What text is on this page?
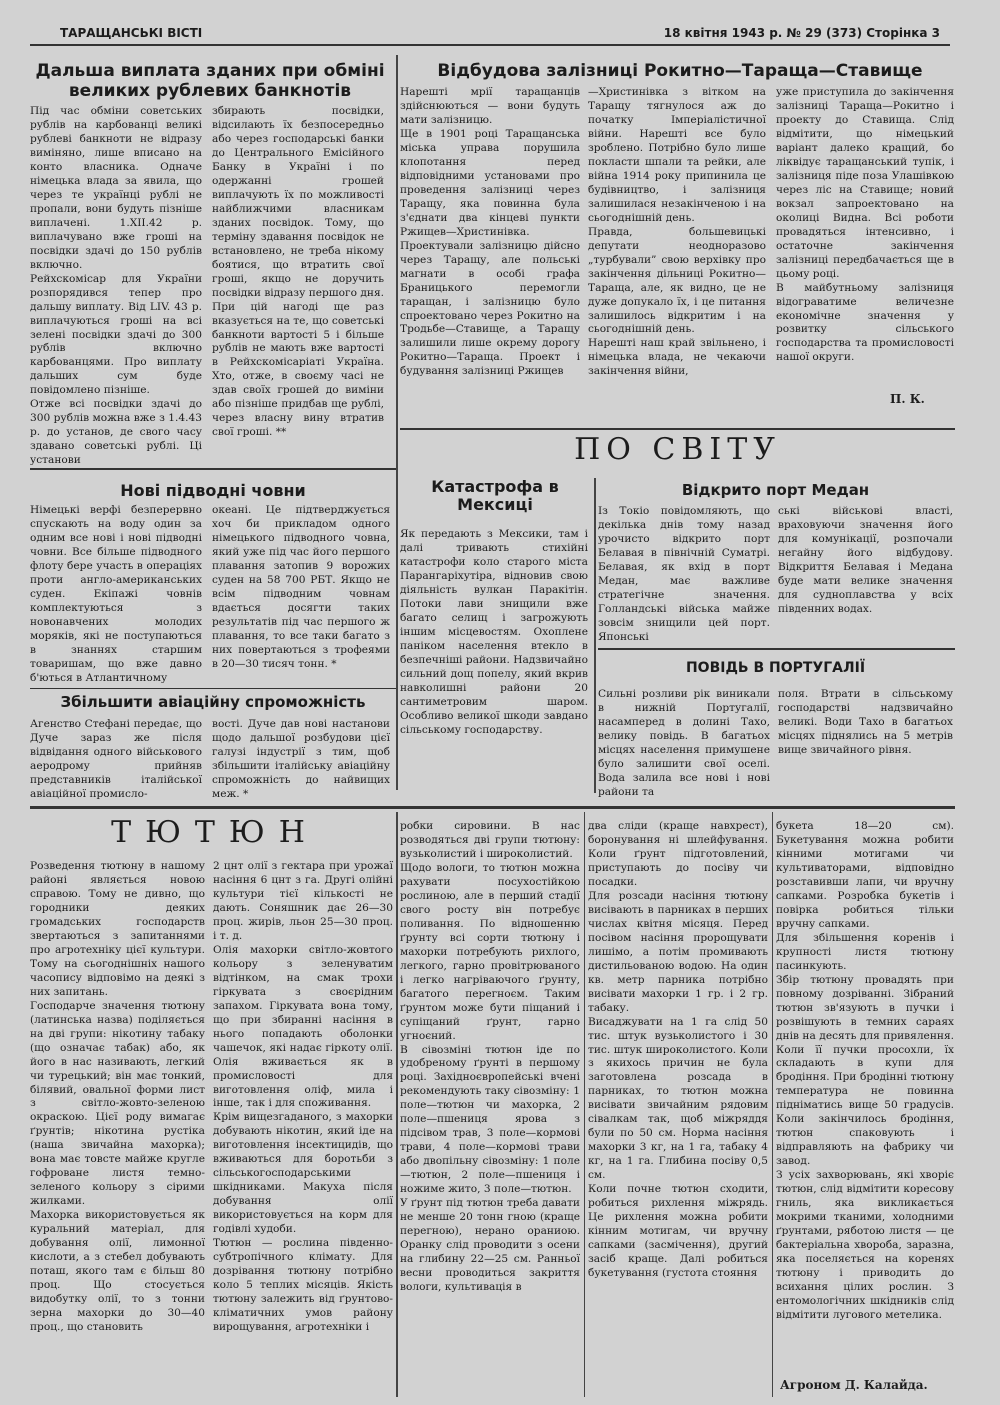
ТАРАЩАНСЬКІ ВІСТІ	18 квітня 1943 р. № 29 (373) Сторінка 3
Дальша виплата зданих при обміні великих рублевих банкнотів
Під час обміни советських рублів на карбованці великі рублеві банкноти не відразу виміняно, лише вписано на конто власника. Одначе німецька влада за явила, що через те українці рублі не пропали, вони будуть пізніше виплачені. 1.XII.42 р. виплачувано вже гроші на посвідки здачі до 150 рублів включно.
Рейхскомісар для України розпорядився тепер про дальшу виплату. Від LIV. 43 р. виплачуються гроші на всі зелені посвідки здачі до 300 рублів включно карбованцями. Про виплату дальших сум буде повідомлено пізніше.
Отже всі посвідки здачі до 300 рублів можна вже з 1.4.43 р. до установ, де свого часу здавано советські рублі. Ці установи
збирають посвідки, відсилають їх безпосередньо або через господарські банки до Центрального Емісійного Банку в Україні і по одержанні грошей виплачують їх по можливості найближчими власникам зданих посвідок. Тому, що терміну здавання посвідок не встановлено, не треба нікому боятися, що втратить свої гроші, якщо не доручить посвідки відразу першого дня. При цій нагоді ще раз вказується на те, що советські банкноти вартості 5 і більше рублів не мають вже вартості в Рейхскомісаріаті Україна. Хто, отже, в своєму часі не здав своїх грошей до виміни або пізніше придбав ще рублі, через власну вину втратив свої гроші. **
Відбудова залізниці Рокитно—Тараща—Ставище
Нарешті мрії таращанців здійснюються — вони будуть мати залізницю.
Ще в 1901 році Таращанська міська управа порушила клопотання перед відповідними установами про проведення залізниці через Таращу, яка повинна була з'єднати два кінцеві пункти Ржищев—Христинівка. Проектували залізницю дійсно через Таращу, але польські магнати в особі графа Браницького перемогли таращан, і залізницю було спроектовано через Рокитно на Тродьбе—Ставище, а Таращу залишили лише окрему дорогу Рокитно—Тараща. Проект і будування залізниці Ржищев
—Христинівка з вітком на Таращу тягнулося аж до початку Імперіалістичної війни. Нарешті все було зроблено. Потрібно було лише покласти шпали та рейки, але війна 1914 року припинила це будівництво, і залізниця залишилася незакінченою і на сьогоднішній день.
Правда, большевицькі депутати неодноразово „турбували” свою верхівку про закінчення дільниці Рокитно—Тараща, але, як видно, це не дуже допукало їх, і це питання залишилось відкритим і на сьогоднішній день.
Нарешті наш край звільнено, і німецька влада, не чекаючи закінчення війни,
уже приступила до закінчення залізниці Тараща—Рокитно і проекту до Ставища. Слід відмітити, що німецький варіант далеко кращий, бо ліквідує таращанський тупік, і залізниця піде поза Улашівкою через ліс на Ставище; новий вокзал запроектовано на околиці Видна. Всі роботи провадяться інтенсивно, і остаточне закінчення залізниці передбачається ще в цьому році.
В майбутньому залізниця відограватиме величезне економічне значення у розвитку сільського господарства та промисловості нашої округи.
П. К.
ПО СВІТУ
Катастрофа в Мексиці
Як передають з Мексики, там і далі тривають стихійні катастрофи коло старого міста Парангаріхутіра, відновив свою діяльність вулкан Паракітін. Потоки лави знищили вже багато селищ і загрожують іншим місцевостям. Охоплене паніком населення втекло в безпечніші райони. Надзвичайно сильний дощ попелу, який вкрив навколишні райони 20 сантиметровим шаром. Особливо великої шкоди завдано сільському господарству.
Відкрито порт Медан
Із Токіо повідомляють, що декілька днів тому назад урочисто відкрито порт Белавая в північній Суматрі. Белавая, як вхід в порт Медан, має важливе стратегічне значення. Голландські війська майже зовсім знищили цей порт. Японські
ські військові власті, враховуючи значення його для комунікації, розпочали негайну його відбудову. Відкриття Белавая і Медана буде мати велике значення для судноплавства у всіх південних водах.
ПОВІДЬ В ПОРТУГАЛІЇ
Сильні розливи рік виникали в нижній Португалії, насамперед в долині Тахо, велику повідь. В багатьох місцях населення примушене було залишити свої оселі. Вода залила все нові і нові райони та
поля. Втрати в сільському господарстві надзвичайно великі. Води Тахо в багатьох місцях піднялись на 5 метрів вище звичайного рівня.
Нові підводні човни
Німецькі верфі безперервно спускають на воду один за одним все нові і нові підводні човни. Все більше підводного флоту бере участь в операціях проти англо-американських суден. Екіпажі човнів комплектуються з новонавчених молодих моряків, які не поступаються в знаннях старшим товаришам, що вже давно б'ються в Атлантичному
океані. Це підтверджується хоч би прикладом одного німецького підводного човна, який уже під час його першого плавання затопив 9 ворожих суден на 58 700 РБТ. Якщо не всім підводним човнам вдається досягти таких результатів під час першого ж плавання, то все таки багато з них повертаються з трофеями в 20—30 тисяч тонн. *
Збільшити авіаційну спроможність
Агенство Стефані передає, що Дуче зараз же після відвідання одного військового аеродрому прийняв представників італійської авіаційної промисло-
вості. Дуче дав нові настанови щодо дальшої розбудови цієї галузі індустрії з тим, щоб збільшити італійську авіаційну спроможність до найвищих меж. *
ТЮТЮН
Розведення тютюну в нашому районі являється новою справою. Тому не дивно, що городники деяких громадських господарств звертаються з запитаннями про агротехніку цієї культури. Тому на сьогоднішніх нашого часопису відповімо на деякі з них запитань.
Господарче значення тютюну (латинська назва) поділяється на дві групи: нікотину табаку (що означає табак) або, як його в нас називають, легкий чи турецький; він має тонкий, білявий, овальної форми лист з світло-жовто-зеленою окраскою. Цієї роду вимагає ґрунтів; нікотина рустіка (наша звичайна махорка); вона має товсте майже кругле гофроване листя темно-зеленого кольору з сірими жилками.
Махорка використовується як куральний матеріал, для добування олії, лимонної кислоти, а з стебел добувають поташ, якого там є більш 80 проц. Що стосується видобутку олії, то з тонни зерна махорки до 30—40 проц., що становить
2 цнт олії з гектара при урожаї насіння 6 цнт з га. Другі олійні культури тієї кількості не дають. Соняшник дає 26—30 проц. жирів, льон 25—30 проц. і т. д.
Олія махорки світло-жовтого кольору з зеленуватим відтінком, на смак трохи гіркувата з своєрідним запахом. Гіркувата вона тому, що при збиранні насіння в нього попадають оболонки чашечок, які надає гіркоту олії. Олія вживається як в промисловості для виготовлення оліф, мила і інше, так і для споживання.
Крім вищезгаданого, з махорки добувають нікотин, який іде на виготовлення інсектицидів, що вживаються для боротьби з сільськогосподарськими шкідниками. Макуха після добування олії використовується на корм для годівлі худоби.
Тютюн — рослина південно-субтропічного клімату. Для дозрівання тютюну потрібно коло 5 теплих місяців. Якість тютюну залежить від ґрунтово-кліматичних умов району вирощування, агротехніки і
робки сировини. В нас розводяться дві групи тютюну: вузьколистий і широколистий.
Щодо вологи, то тютюн можна рахувати посухостійкою рослиною, але в перший стадії свого росту він потребує поливання. По відношенню ґрунту всі сорти тютюну і махорки потребують рихлого, легкого, гарно провітрюваного і легко нагріваючого ґрунту, багатого перегноєм. Таким ґрунтом може бути піщаний і супіщаний ґрунт, гарно угноєний.
В сівозміні тютюн іде по удобреному ґрунті в першому році. Західноєвропейські вчені рекомендують таку сівозміну: 1 поле—тютюн чи махорка, 2 поле—пшениця ярова з підсівом трав, 3 поле—кормові трави, 4 поле—кормові трави або двопільну сівозміну: 1 поле—тютюн, 2 поле—пшениця і ножиме жито, 3 поле—тютюн.
У ґрунт під тютюн треба давати не менше 20 тонн гною (краще перегною), нерано ораниою. Оранку слід проводити з осени на глибину 22—25 см. Ранньої весни проводиться закриття вологи, культивація в
два сліди (краще навхрест), боронування ні шлейфування. Коли ґрунт підготовлений, приступають до посіву чи посадки.
Для розсади насіння тютюну висівають в парниках в перших числах квітня місяця. Перед посівом насіння пророщувати лишімо, а потім промивають дистильованою водою. На один кв. метр парника потрібно висівати махорки 1 гр. і 2 гр. табаку.
Висаджувати на 1 га слід 50 тис. штук вузьколистого і 30 тис. штук широколистого. Коли з якихось причин не була заготовлена розсада в парниках, то тютюн можна висівати звичайним рядовим сівалкам так, щоб міжряддя були по 50 см. Норма насіння махорки 3 кг, на 1 га, табаку 4 кг, на 1 га. Глибина посіву 0,5 см.
Коли почне тютюн сходити, робиться рихлення міжрядь. Це рихлення можна робити кінним мотигам, чи вручну сапками (засмічення), другий засіб краще. Далі робиться букетування (густота стояння
букета 18—20 см). Букетування можна робити кінними мотигами чи культиваторами, відповідно розставивши лапи, чи вручну сапками. Розробка букетів і повірка робиться тільки вручну сапками.
Для збільшення коренів і крупності листя тютюну пасинкують.
Збір тютюну провадять при повному дозріванні. Зібраний тютюн зв'язують в пучки і розвішують в темних сараях днів на десять для привялення. Коли її пучки просохли, їх складають в купи для бродіння. При бродінні тютюну температура не повинна підніматись вище 50 градусів. Коли закінчилось бродіння, тютюн спаковують і відправляють на фабрику чи завод.
З усіх захворювань, які хворіє тютюн, слід відмітити коресову гниль, яка викликається мокрими тканими, холодними ґрунтами, ряботою листя — це бактеріальна хвороба, заразна, яка поселяється на коренях тютюну і приводить до всихання цілих рослин. З ентомологічних шкідників слід відмітити лугового метелика.
Агроном Д. Калайда.
